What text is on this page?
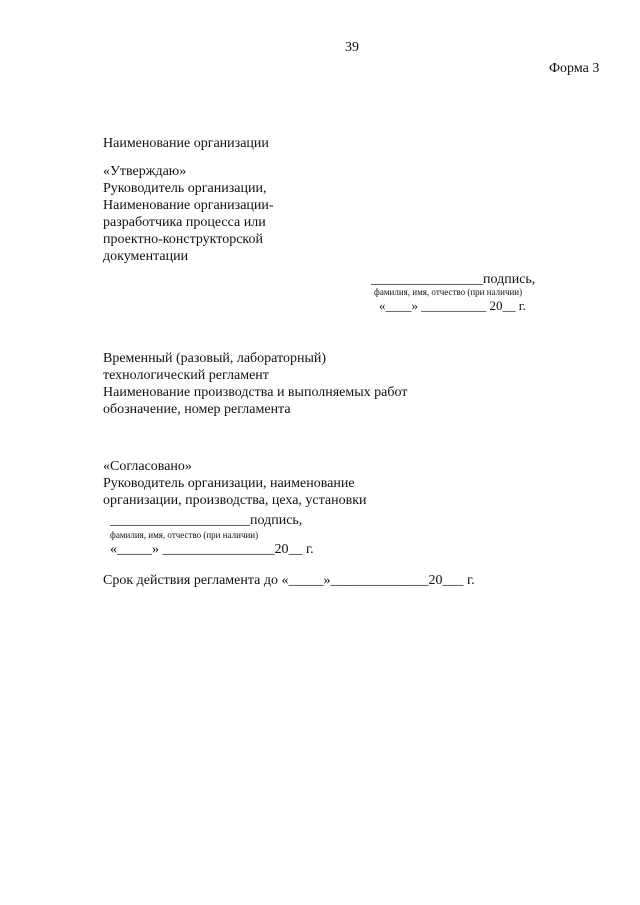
39
Форма 3
Наименование организации
«Утверждаю»
Руководитель организации,
Наименование организации-
разработчика процесса или
проектно-конструкторской
документации
________________подпись,
фамилия, имя, отчество (при наличии)
«____» __________ 20__ г.
Временный (разовый, лабораторный)
технологический регламент
Наименование производства и выполняемых работ
обозначение, номер регламента
«Согласовано»
Руководитель организации, наименование
организации, производства, цеха, установки
____________________подпись,
фамилия, имя, отчество (при наличии)
«_____» ________________20__ г.
Срок действия регламента до «_____»______________20___ г.
